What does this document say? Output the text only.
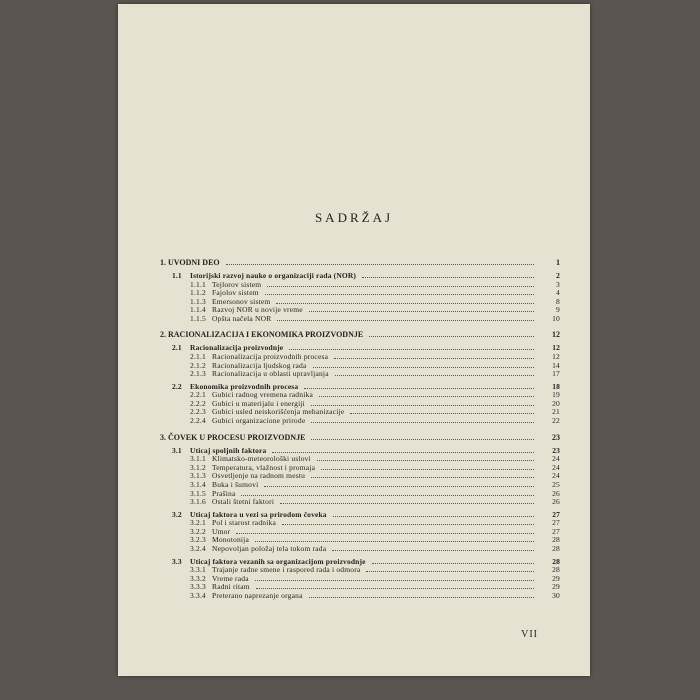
SADRŽAJ
1. UVODNI DEO	1
1.1 Istorijski razvoj nauke o organizaciji rada (NOR)	2
1.1.1 Tejlorov sistem	3
1.1.2 Fajolov sistem	4
1.1.3 Emersonov sistem	8
1.1.4 Razvoj NOR u novije vreme	9
1.1.5 Opšta načela NOR	10
2. RACIONALIZACIJA I EKONOMIKA PROIZVODNJE	12
2.1 Racionalizacija proizvodnje	12
2.1.1 Racionalizacija proizvodnih procesa	12
2.1.2 Racionalizacija ljudskog rada	14
2.1.3 Racionalizacija u oblasti upravljanja	17
2.2 Ekonomika proizvodnih procesa	18
2.2.1 Gubici radnog vremena radnika	19
2.2.2 Gubici u materijalu i energiji	20
2.2.3 Gubici usled neiskorišćenja mehanizacije	21
2.2.4 Gubici organizacione prirode	22
3. ČOVEK U PROCESU PROIZVODNJE	23
3.1 Uticaj spoljnih faktora	23
3.1.1 Klimatsko-meteorološki uslovi	24
3.1.2 Temperatura, vlažnost i promaja	24
3.1.3 Osvetljenje na radnom mestu	24
3.1.4 Buka i šumovi	25
3.1.5 Prašina	26
3.1.6 Ostali štetni faktori	26
3.2 Uticaj faktora u vezi sa prirodom čoveka	27
3.2.1 Pol i starost radnika	27
3.2.2 Umor	27
3.2.3 Monotonija	28
3.2.4 Nepovoljan položaj tela tokom rada	28
3.3 Uticaj faktora vezanih sa organizacijom proizvodnje	28
3.3.1 Trajanje radne smene i raspored rada i odmora	28
3.3.2 Vreme rada	29
3.3.3 Radni ritam	29
3.3.4 Preterano naprezanje organa	30
VII
